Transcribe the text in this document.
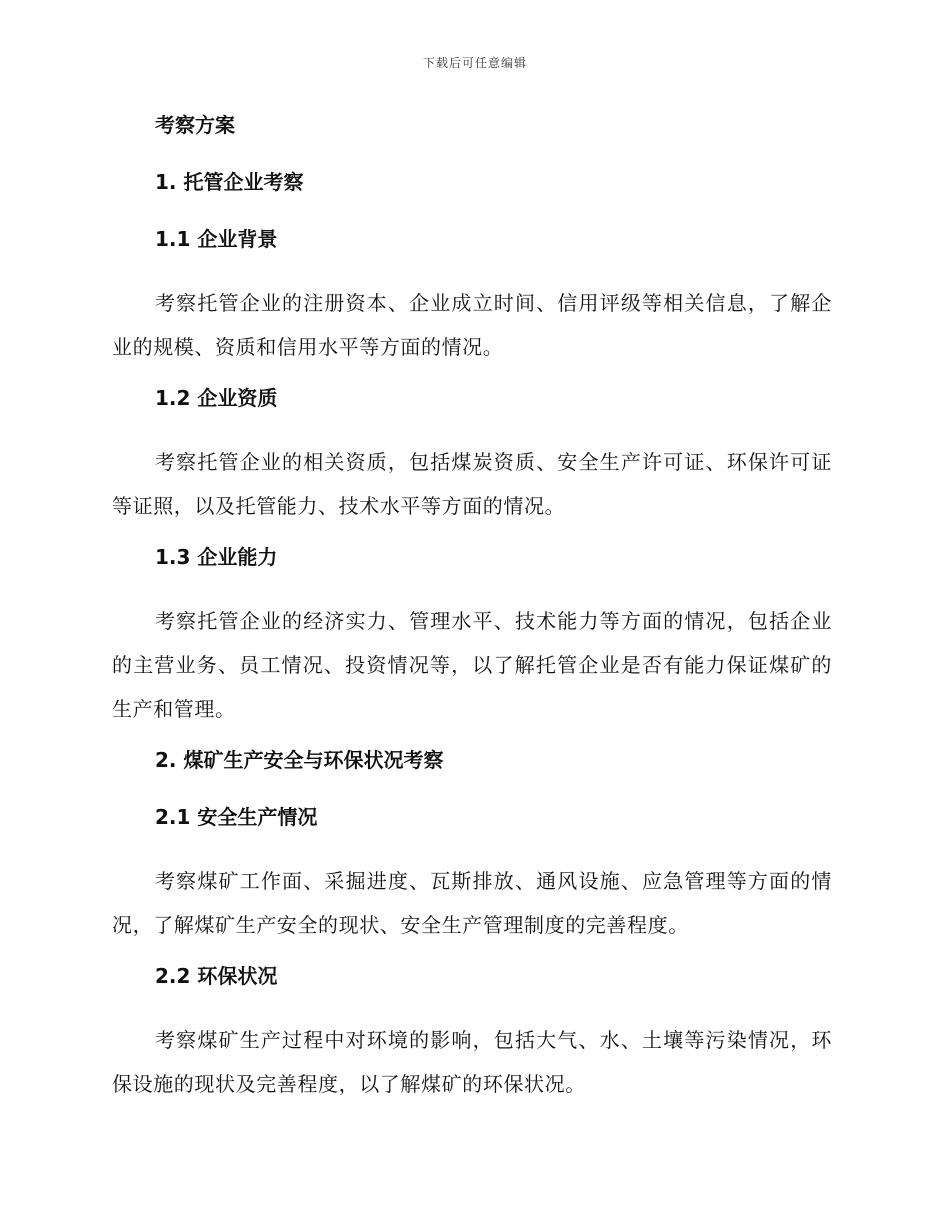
下载后可任意编辑
考察方案
1. 托管企业考察
1.1 企业背景

考察托管企业的注册资本、企业成立时间、信用评级等相关信息，了解企业的规模、资质和信用水平等方面的情况。

1.2 企业资质

考察托管企业的相关资质，包括煤炭资质、安全生产许可证、环保许可证等证照，以及托管能力、技术水平等方面的情况。

1.3 企业能力

考察托管企业的经济实力、管理水平、技术能力等方面的情况，包括企业的主营业务、员工情况、投资情况等，以了解托管企业是否有能力保证煤矿的生产和管理。

2. 煤矿生产安全与环保状况考察
2.1 安全生产情况

考察煤矿工作面、采掘进度、瓦斯排放、通风设施、应急管理等方面的情况，了解煤矿生产安全的现状、安全生产管理制度的完善程度。

2.2 环保状况

考察煤矿生产过程中对环境的影响，包括大气、水、土壤等污染情况，环保设施的现状及完善程度，以了解煤矿的环保状况。
